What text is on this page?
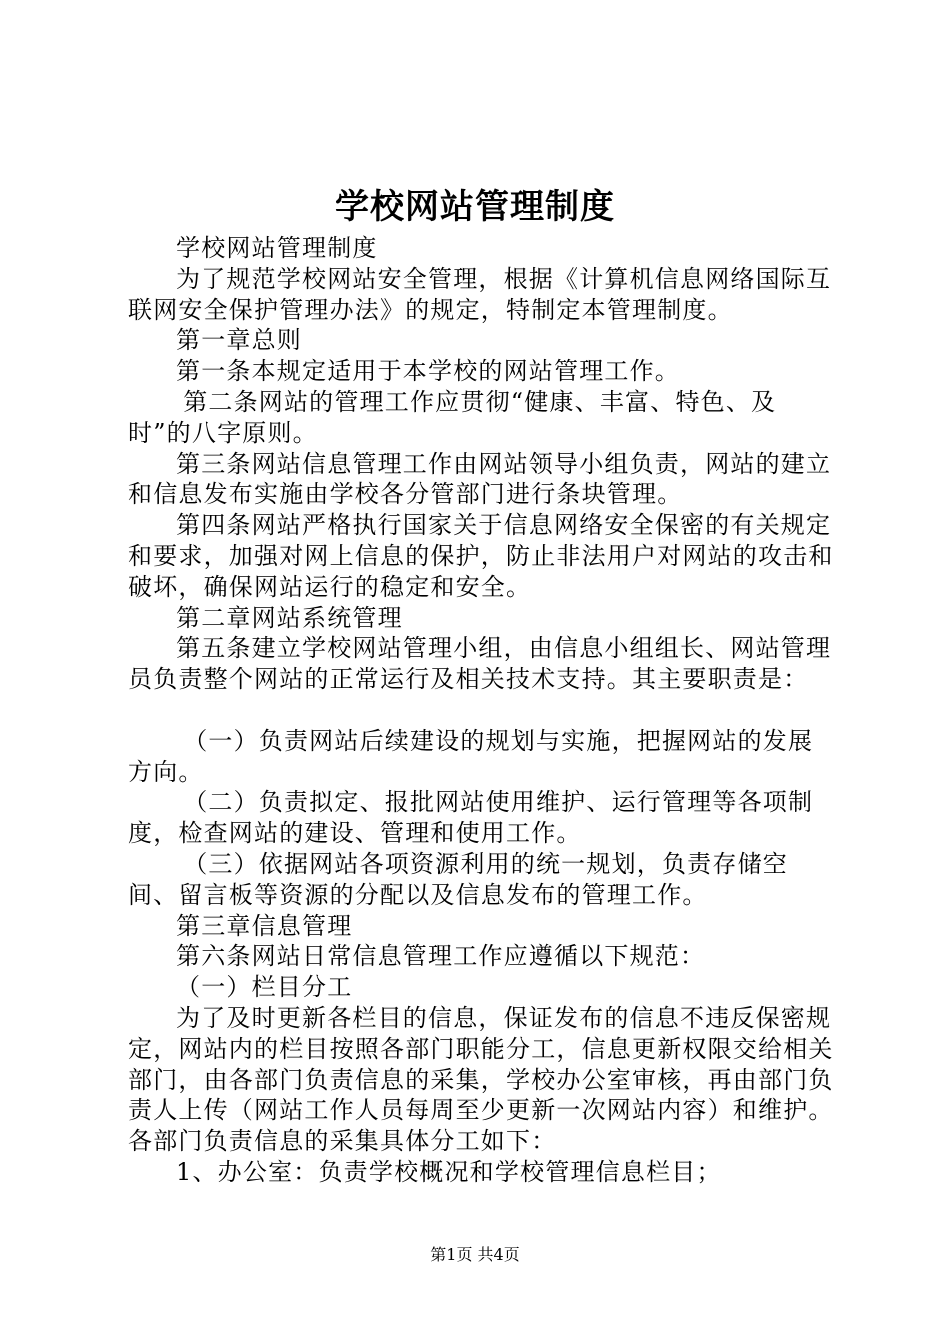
学校网站管理制度

学校网站管理制度

为了规范学校网站安全管理，根据《计算机信息网络国际互联网安全保护管理办法》的规定，特制定本管理制度。

第一章总则

第一条本规定适用于本学校的网站管理工作。

第二条网站的管理工作应贯彻“健康、丰富、特色、及时”的八字原则。

第三条网站信息管理工作由网站领导小组负责，网站的建立和信息发布实施由学校各分管部门进行条块管理。

第四条网站严格执行国家关于信息网络安全保密的有关规定和要求，加强对网上信息的保护，防止非法用户对网站的攻击和破坏，确保网站运行的稳定和安全。

第二章网站系统管理

第五条建立学校网站管理小组，由信息小组组长、网站管理员负责整个网站的正常运行及相关技术支持。其主要职责是：

（一）负责网站后续建设的规划与实施，把握网站的发展方向。

（二）负责拟定、报批网站使用维护、运行管理等各项制度，检查网站的建设、管理和使用工作。

（三）依据网站各项资源利用的统一规划，负责存储空间、留言板等资源的分配以及信息发布的管理工作。

第三章信息管理

第六条网站日常信息管理工作应遵循以下规范：

（一）栏目分工

为了及时更新各栏目的信息，保证发布的信息不违反保密规定，网站内的栏目按照各部门职能分工，信息更新权限交给相关部门，由各部门负责信息的采集，学校办公室审核，再由部门负责人上传（网站工作人员每周至少更新一次网站内容）和维护。各部门负责信息的采集具体分工如下：

1、办公室：负责学校概况和学校管理信息栏目；

第1页 共4页
